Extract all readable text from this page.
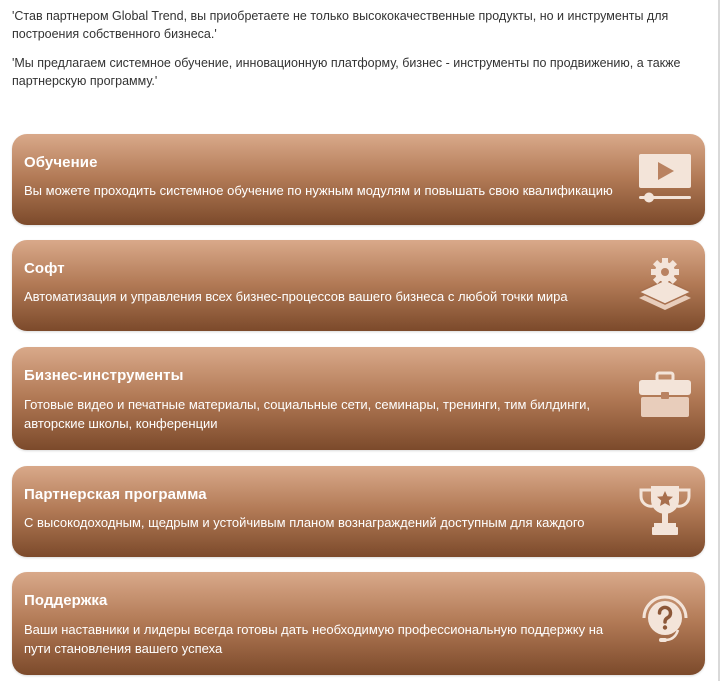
'Став партнером Global Trend, вы приобретаете не только высококачественные продукты, но и инструменты для построения собственного бизнеса.'

'Мы предлагаем системное обучение, инновационную платформу, бизнес - инструменты по продвижению, а также партнерскую программу.'

Обучение
Вы можете проходить системное обучение по нужным модулям и повышать свою квалификацию
Софт
Автоматизация и управления всех бизнес-процессов вашего бизнеса с любой точки мира
Бизнес-инструменты
Готовые видео и печатные материалы, социальные сети, семинары, тренинги, тим билдинги, авторские школы, конференции
Партнерская программа
С высокодоходным, щедрым и устойчивым планом вознаграждений доступным для каждого
Поддержка
Ваши наставники и лидеры всегда готовы дать необходимую профессиональную поддержку на пути становления вашего успеха
